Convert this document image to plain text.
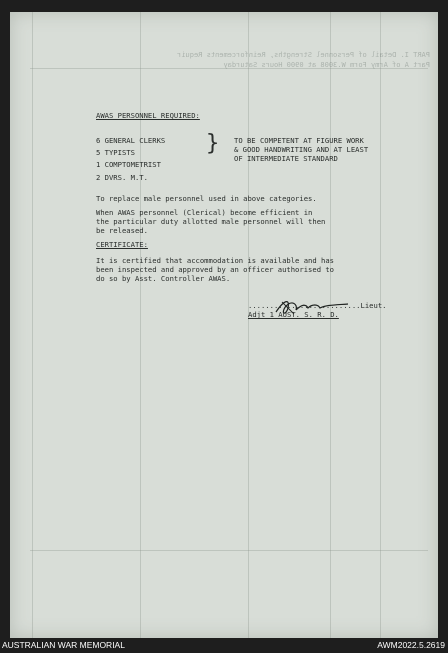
PART I. Detail of Personnel Strengths, Reinforcements Requir
Part A of Army Form W.3008 at 0900 Hours Saturday
AWAS PERSONNEL REQUIRED:
6 GENERAL CLERKS
5 TYPISTS
1 COMPTOMETRIST
2 DVRS. M.T.
} TO BE COMPETENT AT FIGURE WORK
& GOOD HANDWRITING AND AT LEAST
OF INTERMEDIATE STANDARD
To replace male personnel used in above categories.
When AWAS personnel (Clerical) become efficient in
the particular duty allotted male personnel will then
be released.
CERTIFICATE:
It is certified that accommodation is available and has
been inspected and approved by an officer authorised to
do so by Asst. Controller AWAS.
..........................Lieut.
Adjt 1 AUST. S. R. D.
AUSTRALIAN WAR MEMORIAL	AWM2022.5.2619
